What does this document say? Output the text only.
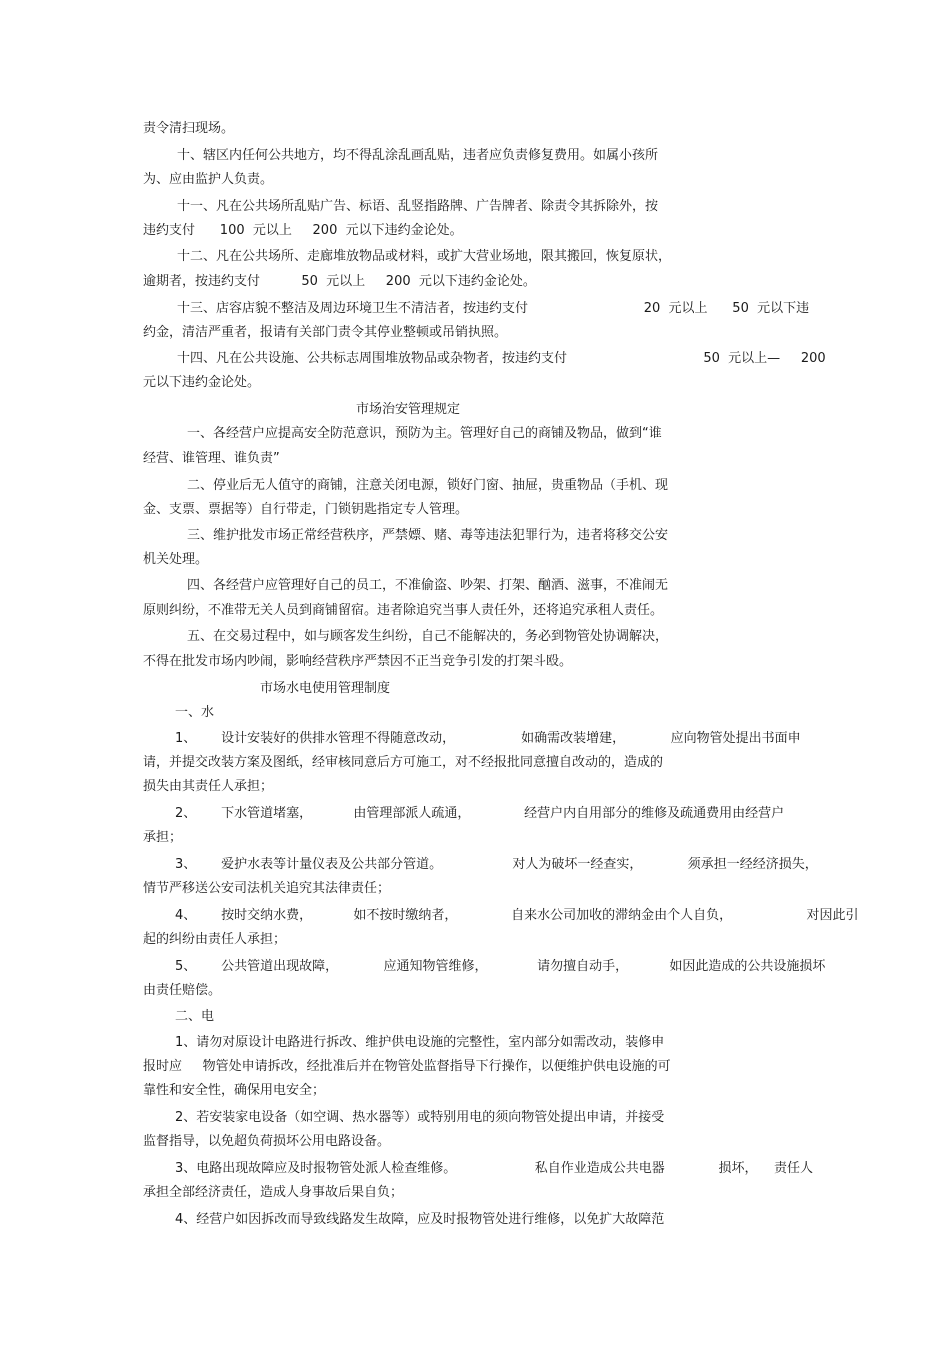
责令清扫现场。
十、辖区内任何公共地方，均不得乱涂乱画乱贴，违者应负责修复费用。如属小孩所
为、应由监护人负责。
十一、凡在公共场所乱贴广告、标语、乱竖指路牌、广告牌者、除责令其拆除外，按
违约支付      100  元以上     200  元以下违约金论处。
十二、凡在公共场所、走廊堆放物品或材料，或扩大营业场地，限其搬回，恢复原状，
逾期者，按违约支付          50  元以上     200  元以下违约金论处。
十三、店容店貌不整洁及周边环境卫生不清洁者，按违约支付                            20  元以上      50  元以下违
约金，清洁严重者，报请有关部门责令其停业整顿或吊销执照。
十四、凡在公共设施、公共标志周围堆放物品或杂物者，按违约支付                                 50  元以上—     200
元以下违约金论处。
市场治安管理规定
一、各经营户应提高安全防范意识，预防为主。管理好自己的商铺及物品，做到“谁
经营、谁管理、谁负责”
二、停业后无人值守的商铺，注意关闭电源，锁好门窗、抽屉，贵重物品（手机、现
金、支票、票据等）自行带走，门锁钥匙指定专人管理。
三、维护批发市场正常经营秩序，严禁嫖、赌、毒等违法犯罪行为，违者将移交公安
机关处理。
四、各经营户应管理好自己的员工，不准偷盗、吵架、打架、酗酒、滋事，不准闹无
原则纠纷，不准带无关人员到商铺留宿。违者除追究当事人责任外，还将追究承租人责任。
五、在交易过程中，如与顾客发生纠纷，自己不能解决的，务必到物管处协调解决，
不得在批发市场内吵闹，影响经营秩序严禁因不正当竞争引发的打架斗殴。
市场水电使用管理制度
一、水
1、      设计安装好的供排水管理不得随意改动，                如确需改装增建，           应向物管处提出书面申
请，并提交改装方案及图纸，经审核同意后方可施工，对不经报批同意擅自改动的，造成的
损失由其责任人承担；
2、      下水管道堵塞，          由管理部派人疏通，             经营户内自用部分的维修及疏通费用由经营户
承担；
3、      爱护水表等计量仪表及公共部分管道。                 对人为破坏一经查实，           须承担一经经济损失，
情节严移送公安司法机关追究其法律责任；
4、      按时交纳水费，          如不按时缴纳者，             自来水公司加收的滞纳金由个人自负，                  对因此引
起的纠纷由责任人承担；
5、      公共管道出现故障，           应通知物管维修，            请勿擅自动手，          如因此造成的公共设施损坏
由责任赔偿。
二、电
1、请勿对原设计电路进行拆改、维护供电设施的完整性，室内部分如需改动，装修申
报时应     物管处申请拆改，经批准后并在物管处监督指导下行操作，以便维护供电设施的可
靠性和安全性，确保用电安全；
2、若安装家电设备（如空调、热水器等）或特别用电的须向物管处提出申请，并接受
监督指导，以免超负荷损坏公用电路设备。
3、电路出现故障应及时报物管处派人检查维修。                   私自作业造成公共电器             损坏，    责任人
承担全部经济责任，造成人身事故后果自负；
4、经营户如因拆改而导致线路发生故障，应及时报物管处进行维修，以免扩大故障范
